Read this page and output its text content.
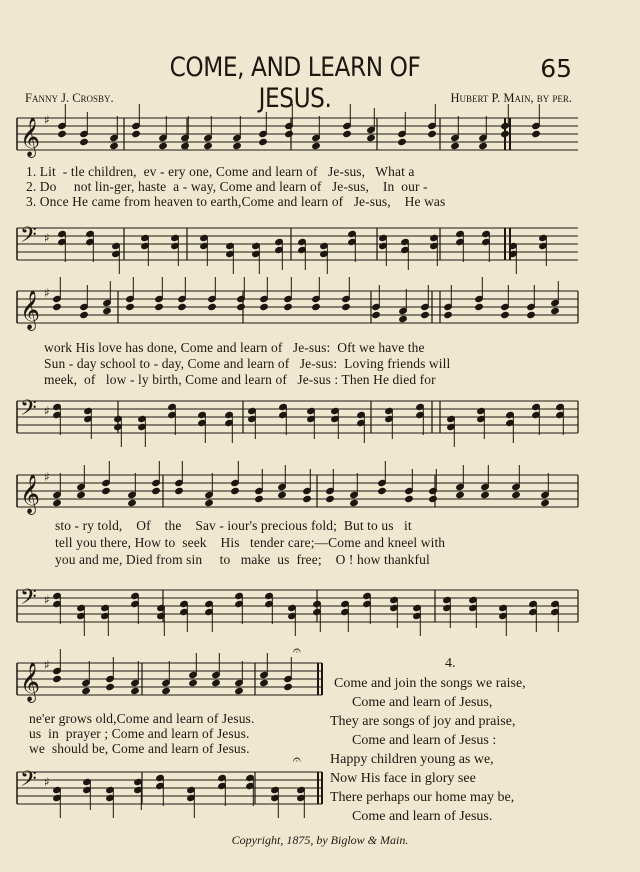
COME, AND LEARN OF JESUS.
65
Fanny J. Crosby.	Hubert P. Main, by per.
𝄞 ♯
𝄢 ♯
𝄞 ♯
𝄢 ♯
𝄞 ♯
𝄢 ♯
𝄞 ♯
𝄢 ♯
𝄐
𝄐
1. Lit  - tle children,  ev - ery one, Come and learn of   Je-sus,   What a
2. Do     not lin-ger, haste  a - way, Come and learn of   Je-sus,    In  our -
3. Once He came from heaven to earth,Come and learn of   Je-sus,    He was
work His love has done, Come and learn of   Je-sus:  Oft we have the
Sun - day school to - day, Come and learn of   Je-sus:  Loving friends will
meek,  of   low - ly birth, Come and learn of   Je-sus : Then He died for
sto - ry told,    Of    the    Sav - iour's precious fold;  But to us   it
tell you there, How to  seek    His   tender care;—Come and kneel with
you and me, Died from sin     to   make  us  free;    O ! how thankful
ne'er grows old,Come and learn of Jesus.
us  in  prayer ; Come and learn of Jesus.
we  should be, Come and learn of Jesus.
4.
Come and join the songs we raise,
Come and learn of Jesus,
They are songs of joy and praise,
Come and learn of Jesus :
Happy children young as we,
Now His face in glory see
There perhaps our home may be,
Come and learn of Jesus.
Copyright, 1875, by Biglow & Main.
